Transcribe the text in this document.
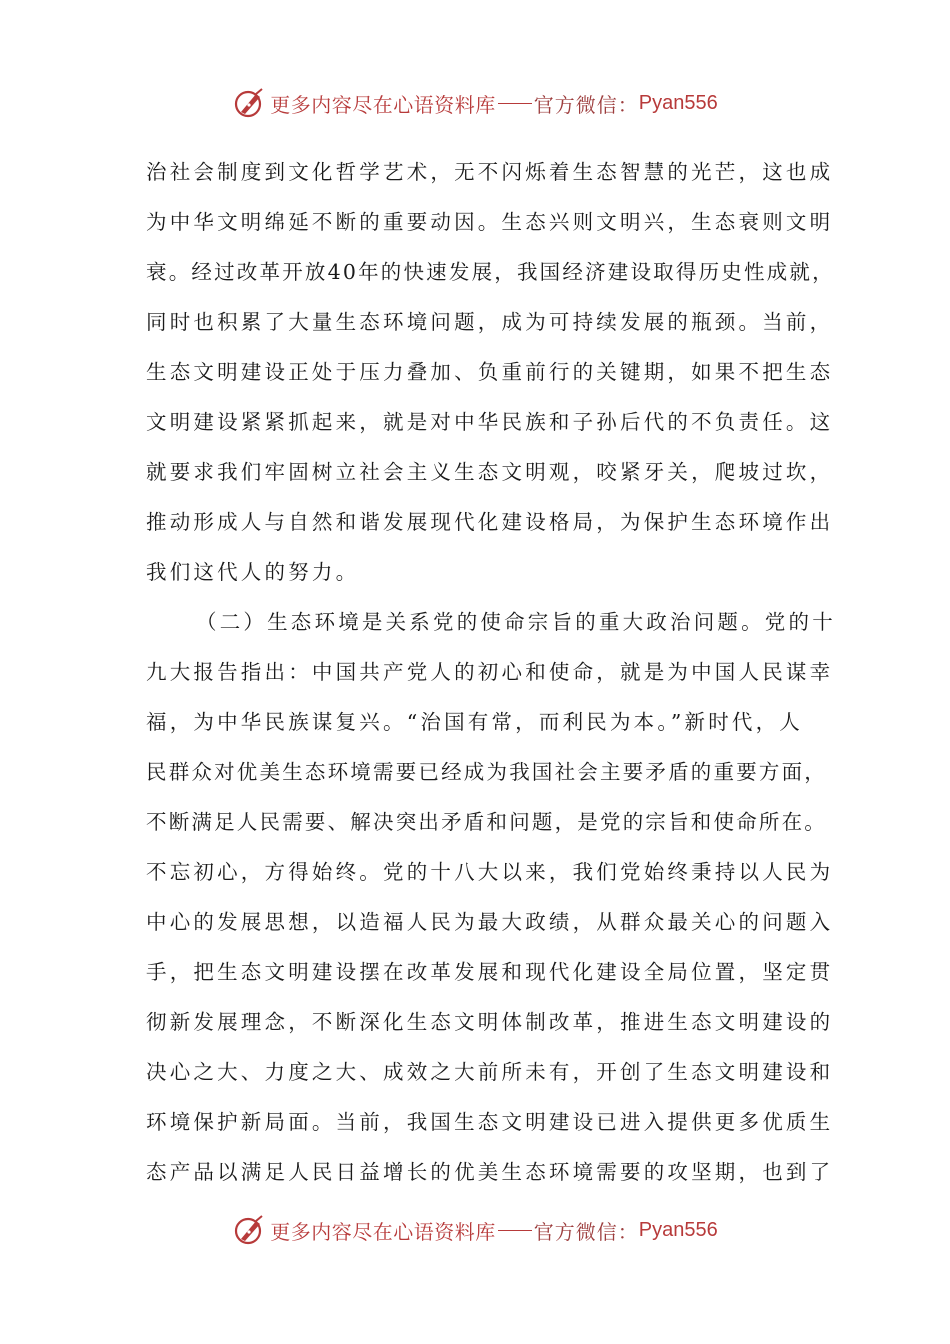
更多内容尽在心语资料库 官方微信： Pyan556
治社会制度到文化哲学艺术，无不闪烁着生态智慧的光芒，这也成
为中华文明绵延不断的重要动因。生态兴则文明兴，生态衰则文明
衰。经过改革开放40年的快速发展，我国经济建设取得历史性成就，
同时也积累了大量生态环境问题，成为可持续发展的瓶颈。当前，
生态文明建设正处于压力叠加、负重前行的关键期，如果不把生态
文明建设紧紧抓起来，就是对中华民族和子孙后代的不负责任。这
就要求我们牢固树立社会主义生态文明观，咬紧牙关，爬坡过坎，
推动形成人与自然和谐发展现代化建设格局，为保护生态环境作出
我们这代人的努力。
（二）生态环境是关系党的使命宗旨的重大政治问题。党的十
九大报告指出：中国共产党人的初心和使命，就是为中国人民谋幸
福，为中华民族谋复兴。“治国有常，而利民为本。”新时代，人
民群众对优美生态环境需要已经成为我国社会主要矛盾的重要方面，
不断满足人民需要、解决突出矛盾和问题，是党的宗旨和使命所在。
不忘初心，方得始终。党的十八大以来，我们党始终秉持以人民为
中心的发展思想，以造福人民为最大政绩，从群众最关心的问题入
手，把生态文明建设摆在改革发展和现代化建设全局位置，坚定贯
彻新发展理念，不断深化生态文明体制改革，推进生态文明建设的
决心之大、力度之大、成效之大前所未有，开创了生态文明建设和
环境保护新局面。当前，我国生态文明建设已进入提供更多优质生
态产品以满足人民日益增长的优美生态环境需要的攻坚期，也到了
更多内容尽在心语资料库 官方微信： Pyan556
